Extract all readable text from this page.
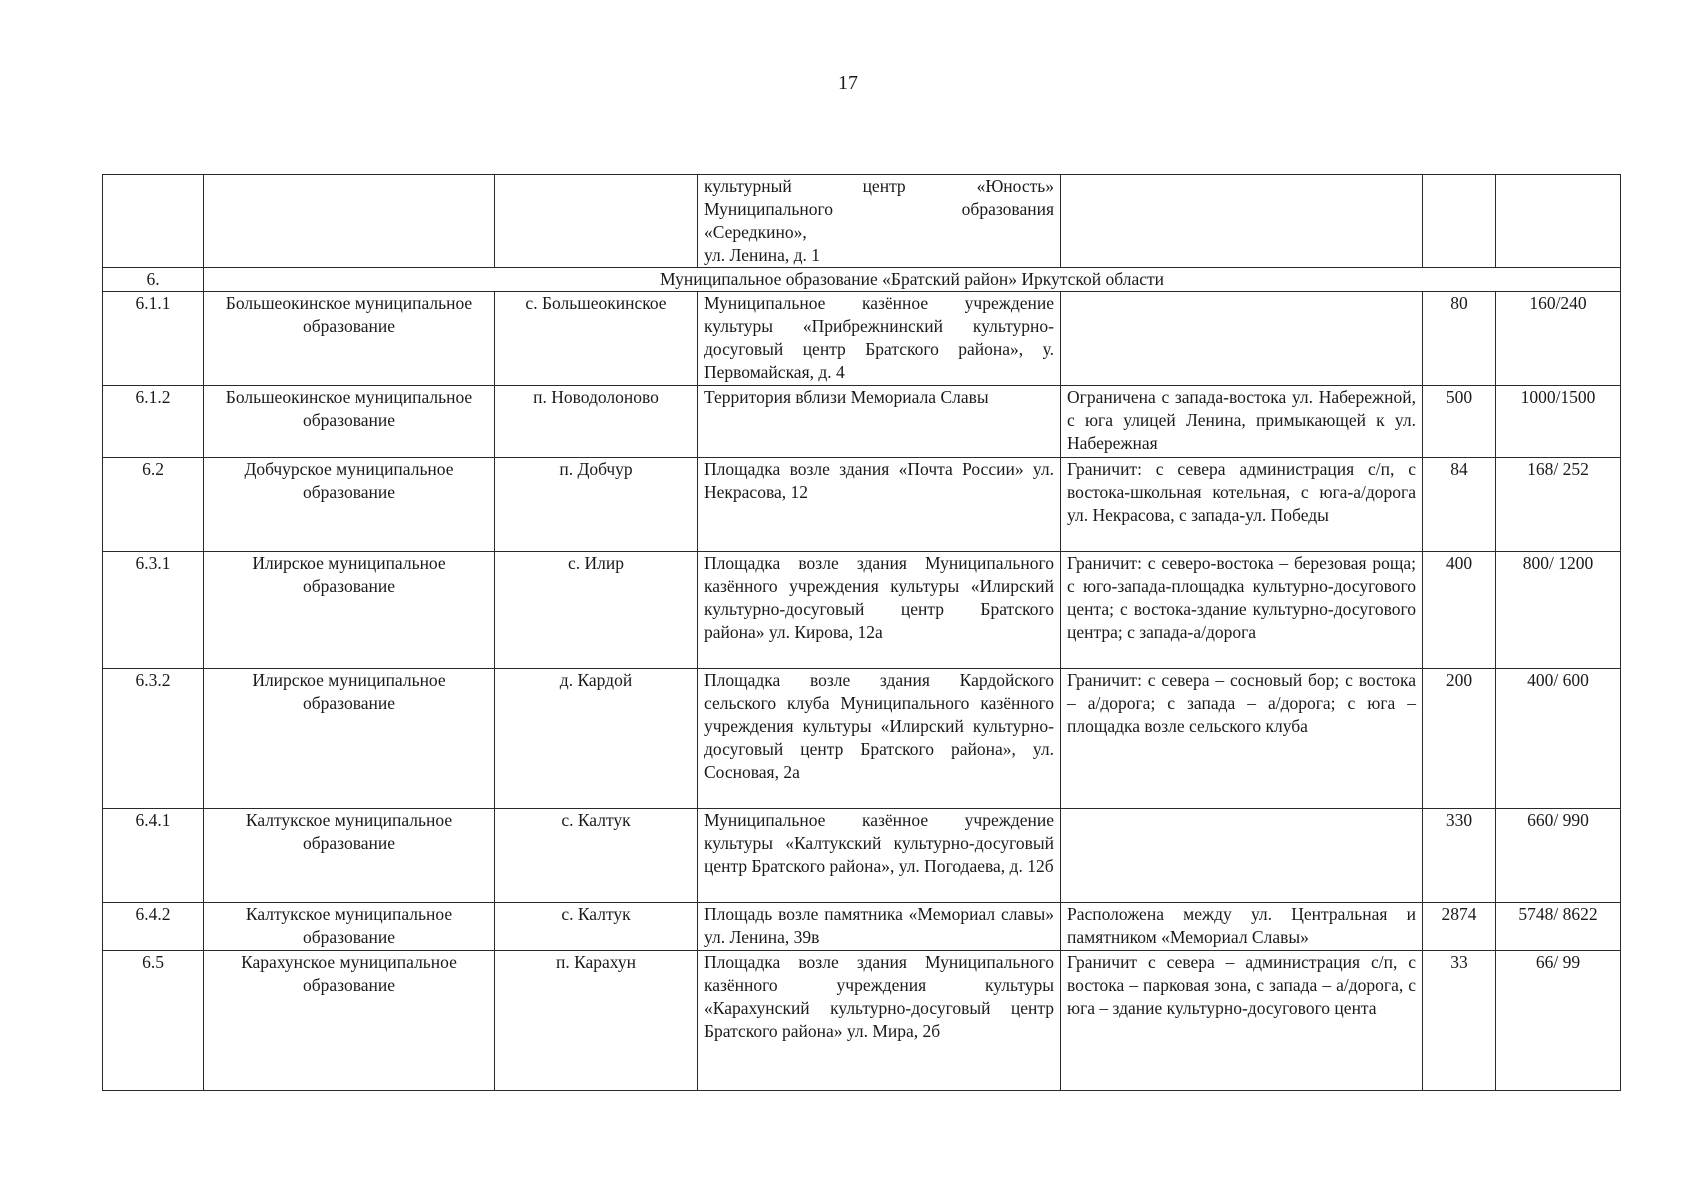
17

			культурный центр «Юность»
Муниципального образования
«Середкино»,
ул. Ленина, д. 1			

6.	Муниципальное образование «Братский район» Иркутской области					
6.1.1	Большеокинское муниципальное образование	с. Большеокинское	Муниципальное казённое учреждение культуры «Прибрежнинский культурно-досуговый центр Братского района», у. Первомайская, д. 4		80	160/240
6.1.2	Большеокинское муниципальное образование	п. Новодолоново	Территория вблизи Мемориала Славы	Ограничена с запада-востока ул. Набережной, с юга улицей Ленина, примыкающей к ул. Набережная	500	1000/1500
6.2	Добчурское муниципальное образование	п. Добчур	Площадка возле здания «Почта России» ул. Некрасова, 12	Граничит: с севера администрация с/п, с востока-школьная котельная, с юга-а/дорога ул. Некрасова, с запада-ул. Победы	84	168/ 252
6.3.1	Илирское муниципальное образование	с. Илир	Площадка возле здания Муниципального казённого учреждения культуры «Илирский культурно-досуговый центр Братского района» ул. Кирова, 12а	Граничит: с северо-востока – березовая роща; с юго-запада-площадка культурно-досугового цента; с востока-здание культурно-досугового центра; с запада-а/дорога	400	800/ 1200
6.3.2	Илирское муниципальное образование	д. Кардой	Площадка возле здания Кардойского сельского клуба Муниципального казённого учреждения культуры «Илирский культурно-досуговый центр Братского района», ул. Сосновая, 2а	Граничит: с севера – сосновый бор; с востока – а/дорога; с запада – а/дорога; с юга – площадка возле сельского клуба	200	400/ 600
6.4.1	Калтукское муниципальное образование	с. Калтук	Муниципальное казённое учреждение культуры «Калтукский культурно-досуговый центр Братского района», ул. Погодаева, д. 12б		330	660/ 990
6.4.2	Калтукское муниципальное образование	с. Калтук	Площадь возле памятника «Мемориал славы» ул. Ленина, 39в	Расположена между ул. Центральная и памятником «Мемориал Славы»	2874	5748/ 8622
6.5	Карахунское муниципальное образование	п. Карахун	Площадка возле здания Муниципального казённого учреждения культуры «Карахунский культурно-досуговый центр Братского района» ул. Мира, 2б	Граничит с севера – администрация с/п, с востока – парковая зона, с запада – а/дорога, с юга – здание культурно-досугового цента	33	66/ 99
